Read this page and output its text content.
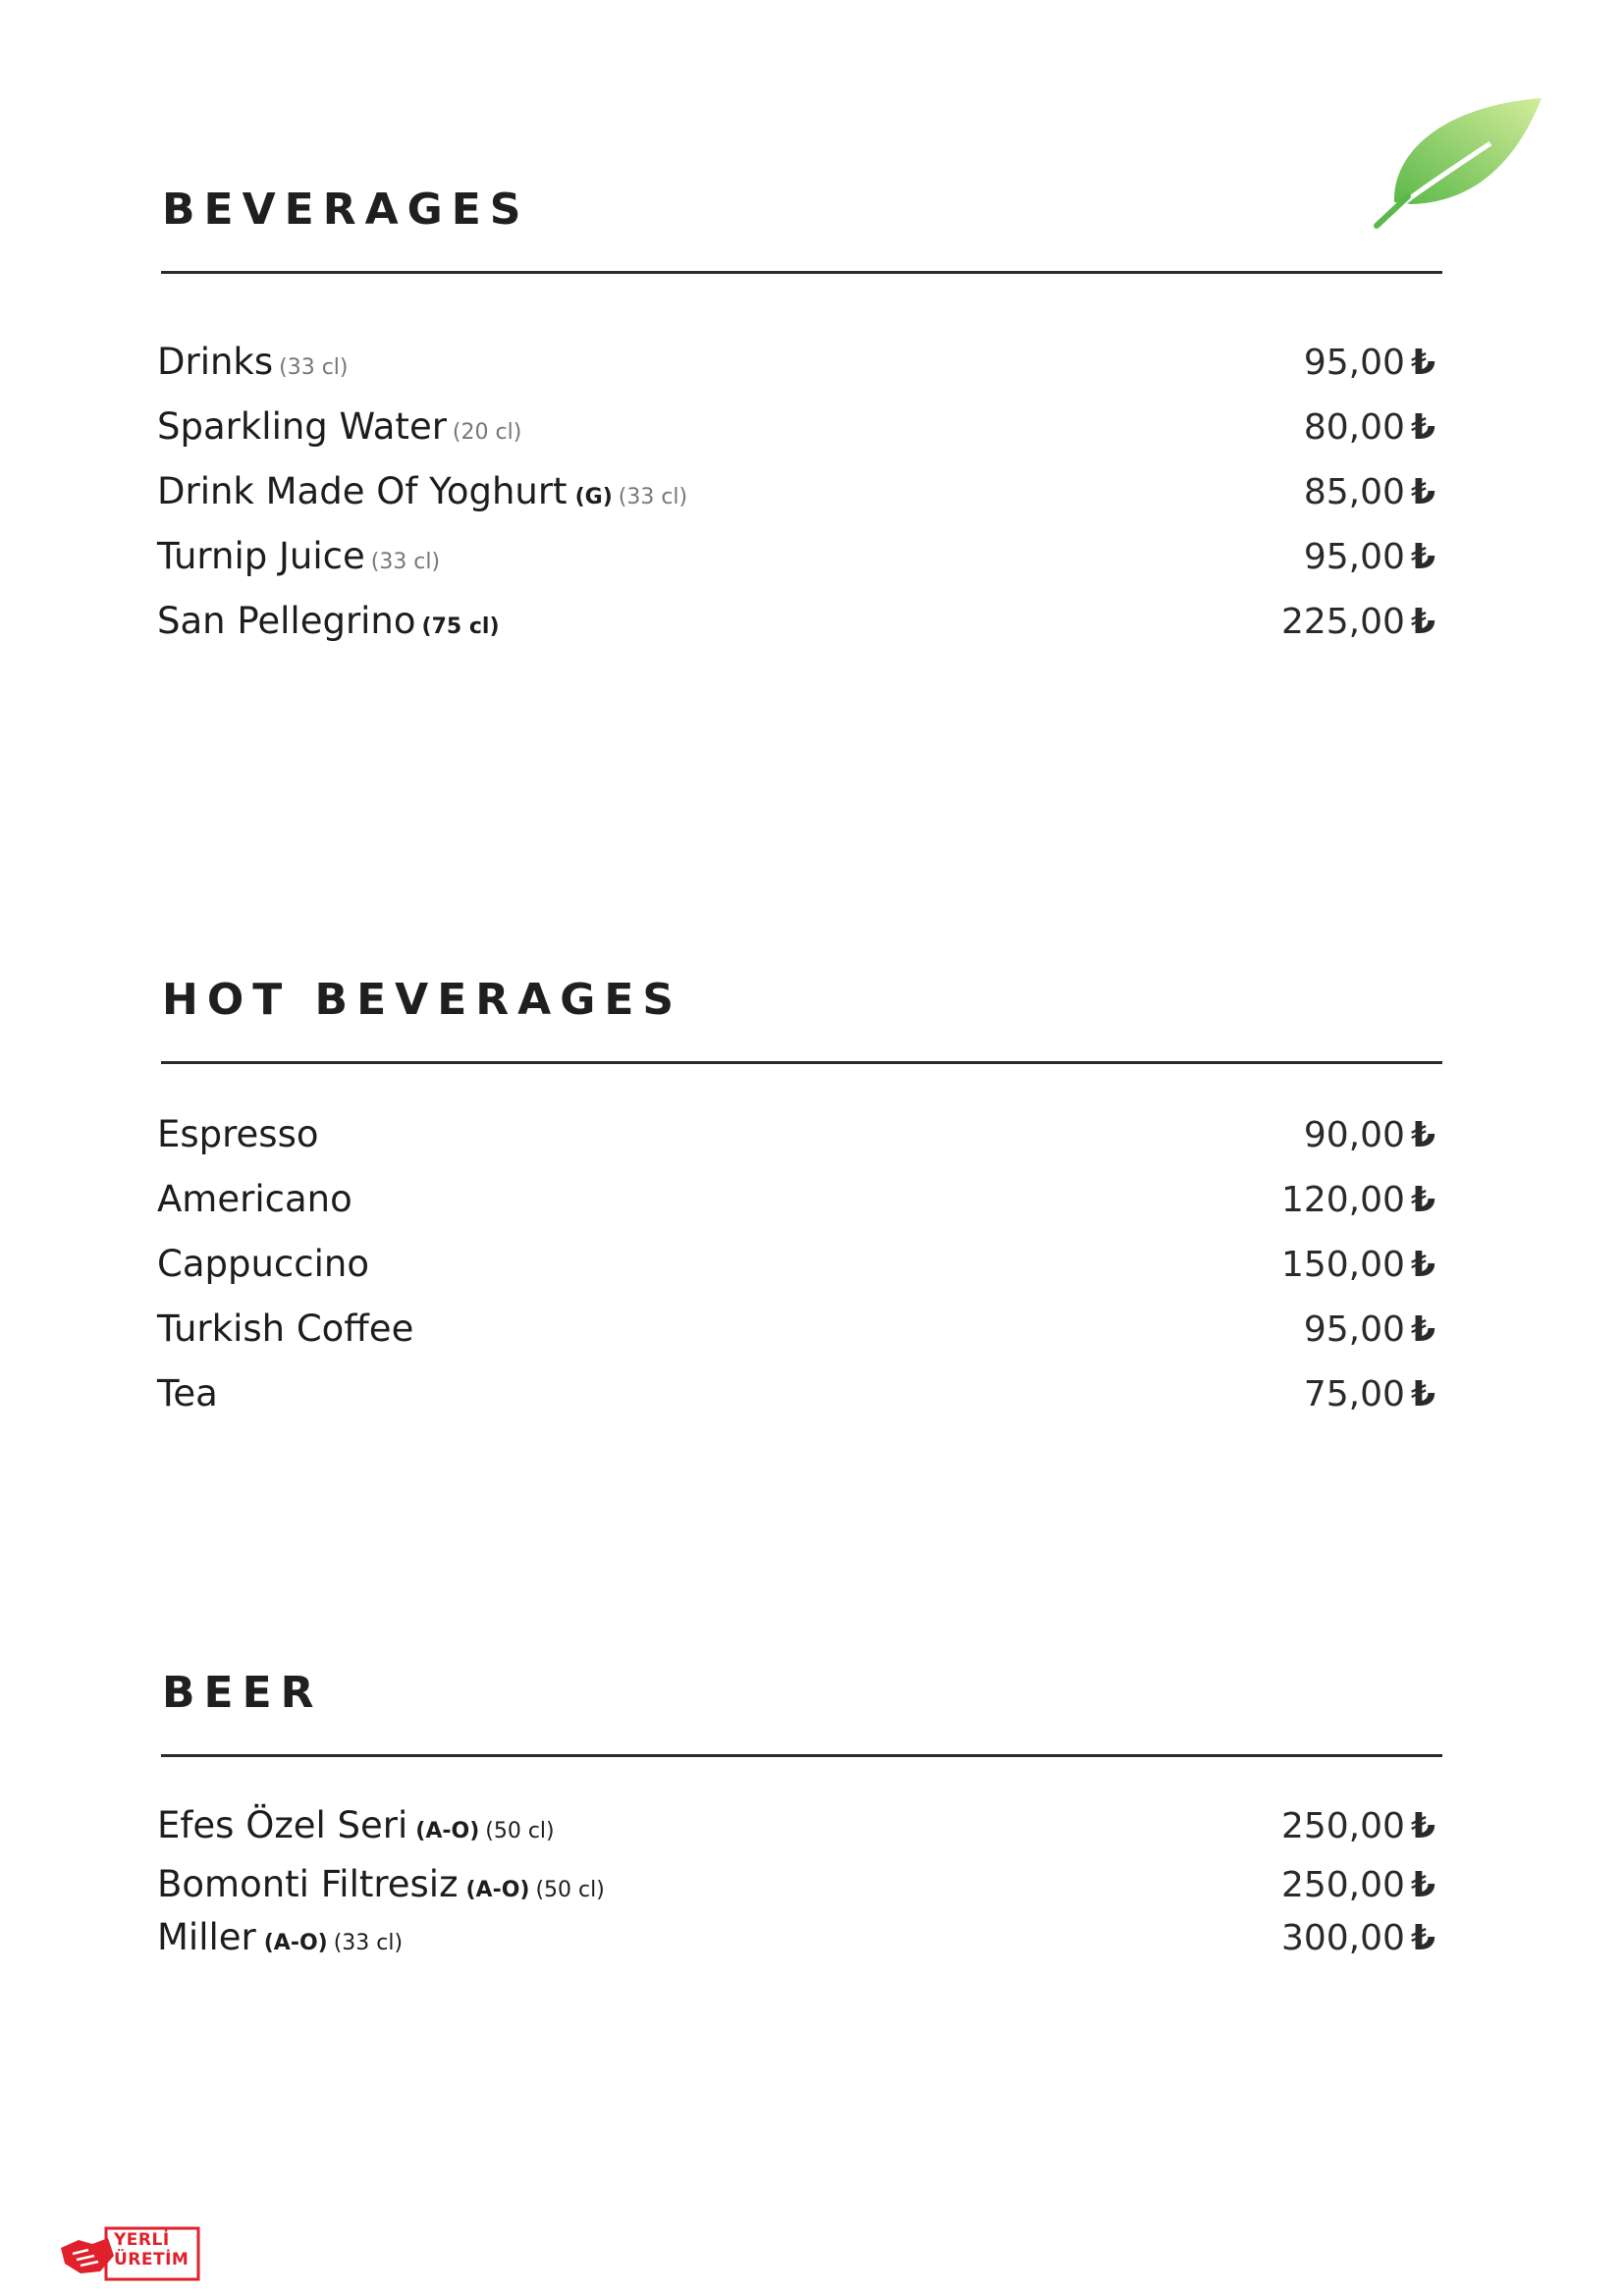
BEVERAGES
Drinks (33 cl)	95,00 ₺
Sparkling Water (20 cl)	80,00 ₺
Drink Made Of Yoghurt (G) (33 cl)	85,00 ₺
Turnip Juice (33 cl)	95,00 ₺
San Pellegrino (75 cl)	225,00 ₺
HOT BEVERAGES
Espresso	90,00 ₺
Americano	120,00 ₺
Cappuccino	150,00 ₺
Turkish Coffee	95,00 ₺
Tea	75,00 ₺
BEER
Efes Özel Seri (A-O) (50 cl)	250,00 ₺
Bomonti Filtresiz (A-O) (50 cl)	250,00 ₺
Miller (A-O) (33 cl)	300,00 ₺
YERLİ
ÜRETİM
